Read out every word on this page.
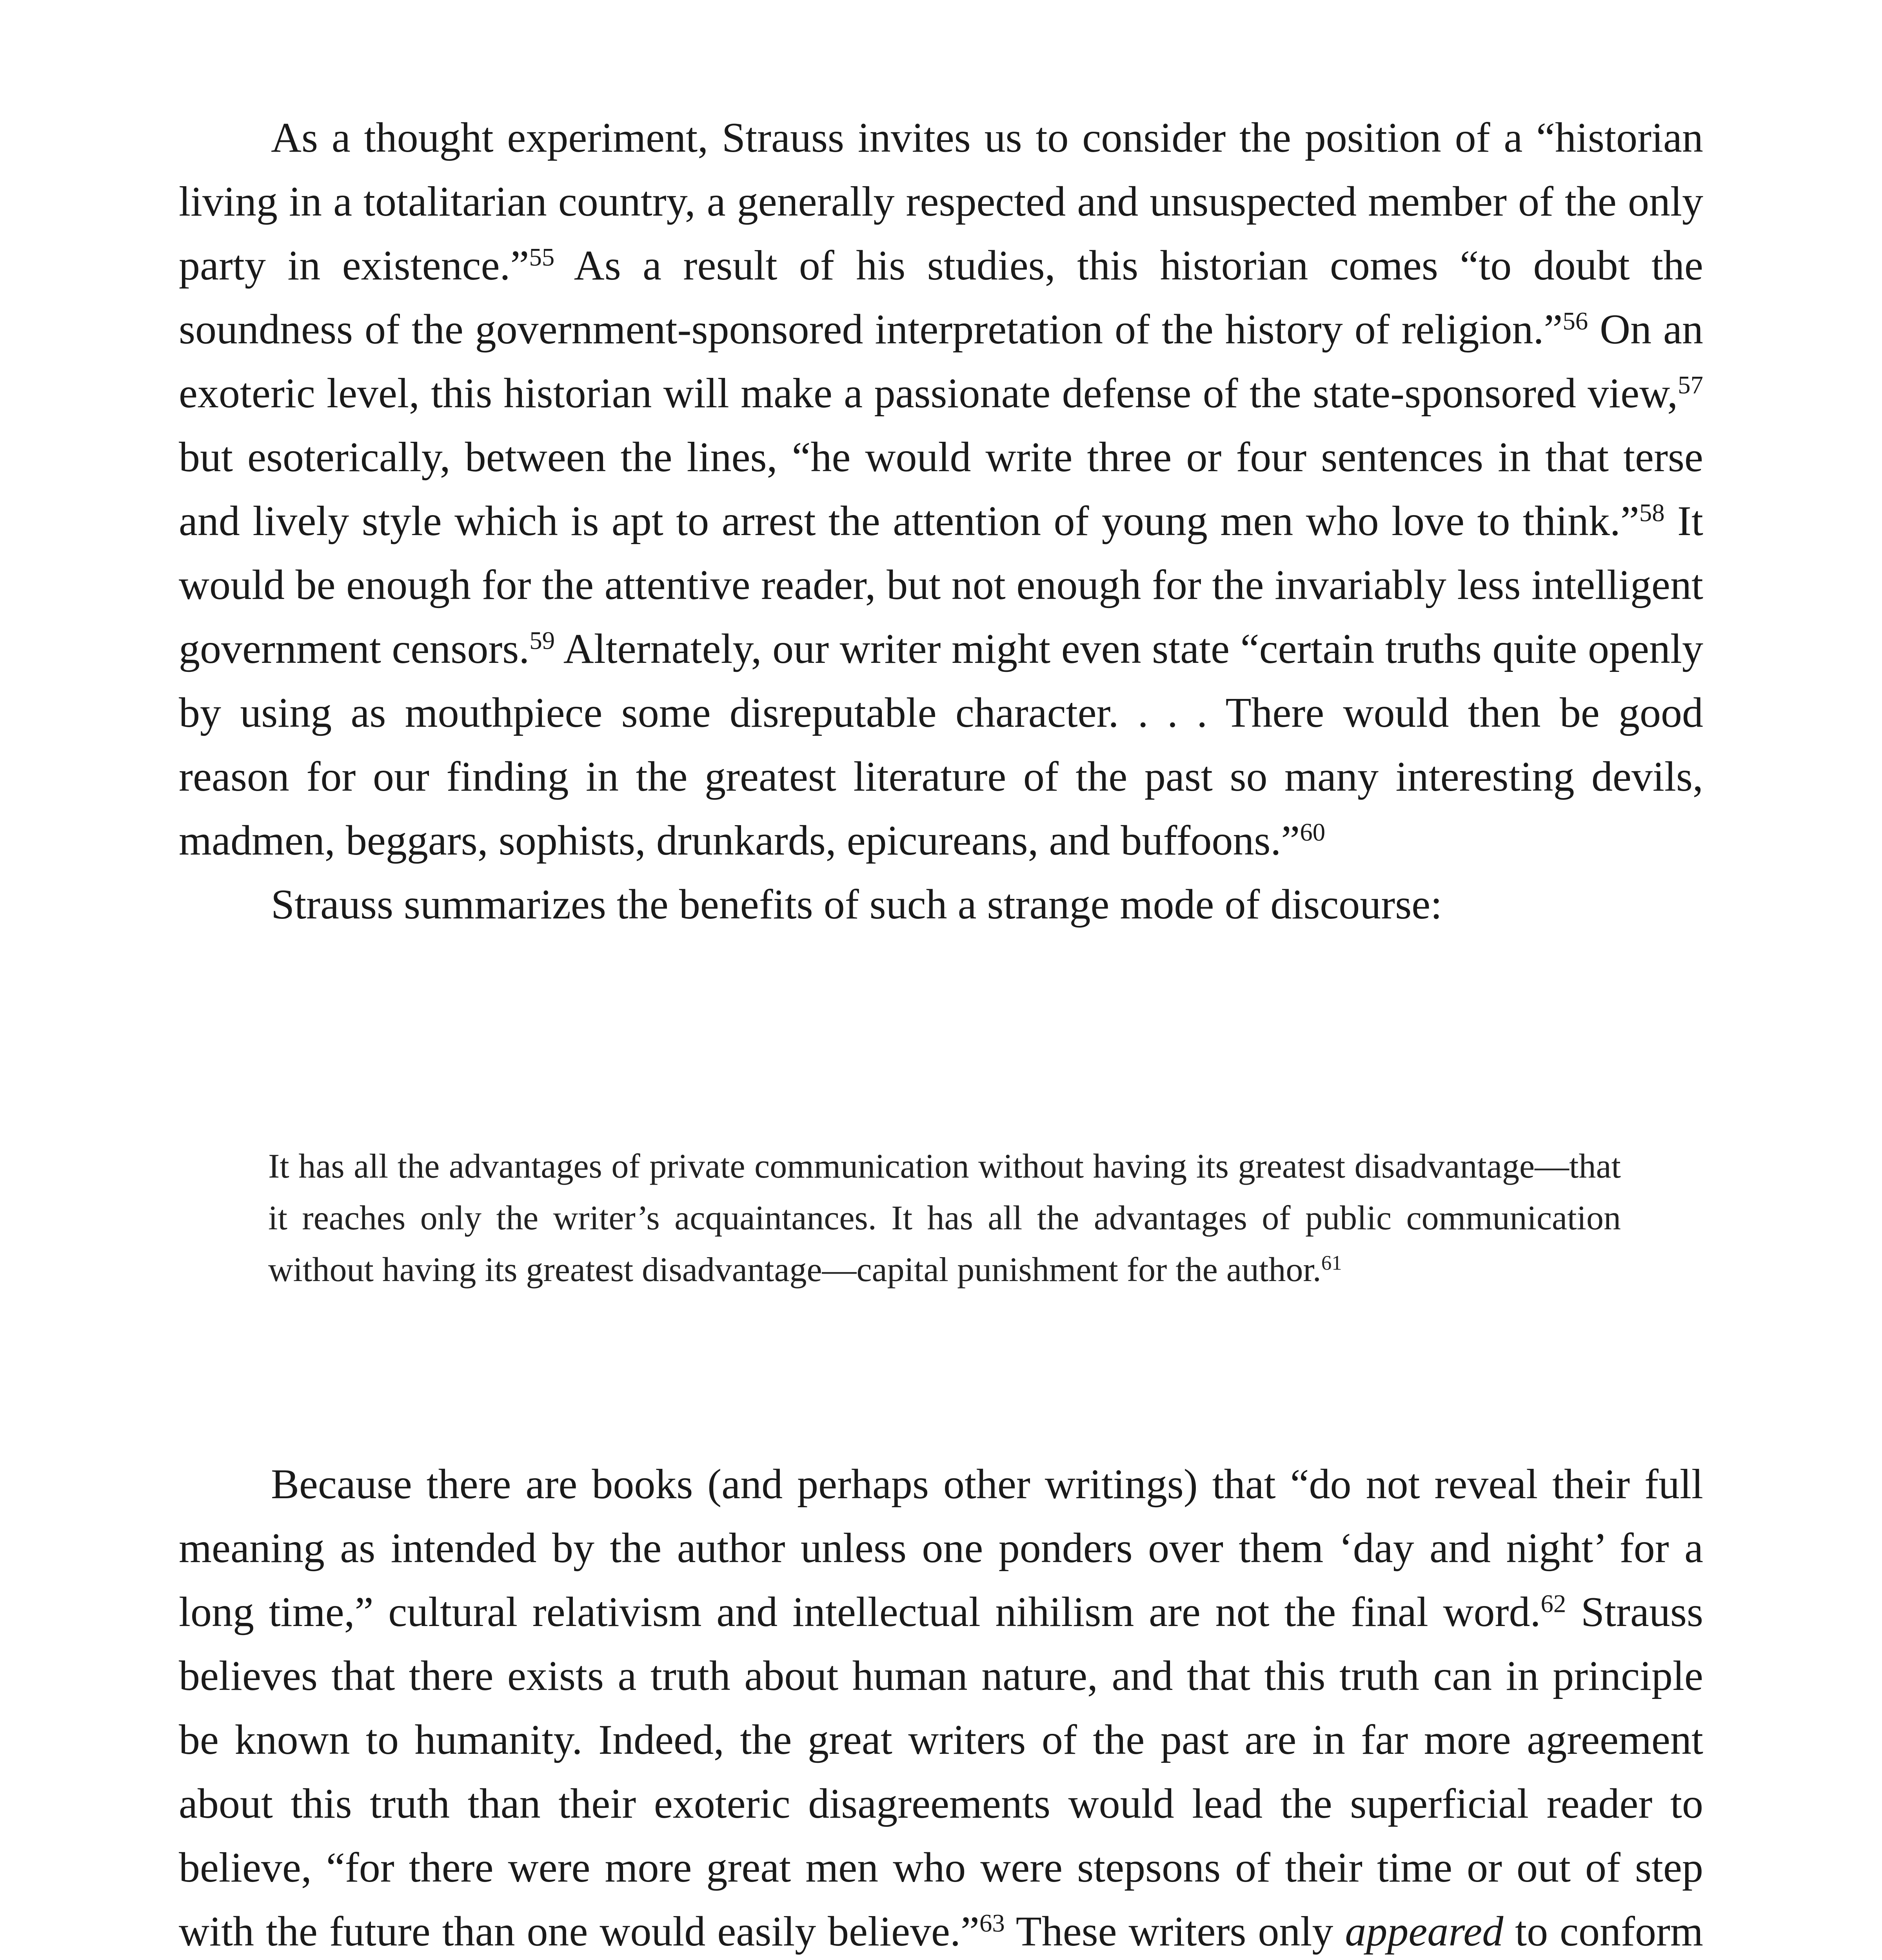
As a thought experiment, Strauss invites us to consider the position of a “historian living in a totalitarian country, a generally respected and unsuspected member of the only party in existence.”$^{55}$ As a result of his studies, this historian comes “to doubt the soundness of the government-sponsored interpretation of the history of religion.”$^{56}$ On an exoteric level, this historian will make a passionate defense of the state-sponsored view,$^{57}$ but esoterically, between the lines, “he would write three or four sentences in that terse and lively style which is apt to arrest the attention of young men who love to think.”$^{58}$ It would be enough for the attentive reader, but not enough for the invariably less intelligent government censors.$^{59}$ Alternately, our writer might even state “certain truths quite openly by using as mouthpiece some disreputable character. . . . There would then be good reason for our finding in the greatest literature of the past so many interesting devils, madmen, beggars, sophists, drunkards, epicureans, and buffoons.”$^{60}$

Strauss summarizes the benefits of such a strange mode of discourse:

It has all the advantages of private communication without having its greatest disadvantage—that it reaches only the writer’s acquaintances. It has all the advantages of public communication without having its greatest disadvantage—capital punishment for the author.$^{61}$

Because there are books (and perhaps other writings) that “do not reveal their full meaning as intended by the author unless one ponders over them ‘day and night’ for a long time,” cultural relativism and intellectual nihilism are not the final word.$^{62}$ Strauss believes that there exists a truth about human nature, and that this truth can in principle be known to humanity. Indeed, the great writers of the past are in far more agreement about this truth than their exoteric disagreements would lead the superficial reader to believe, “for there were more great men who were stepsons of their time or out of step with the future than one would easily believe.”$^{63}$ These writers only appeared to conform
